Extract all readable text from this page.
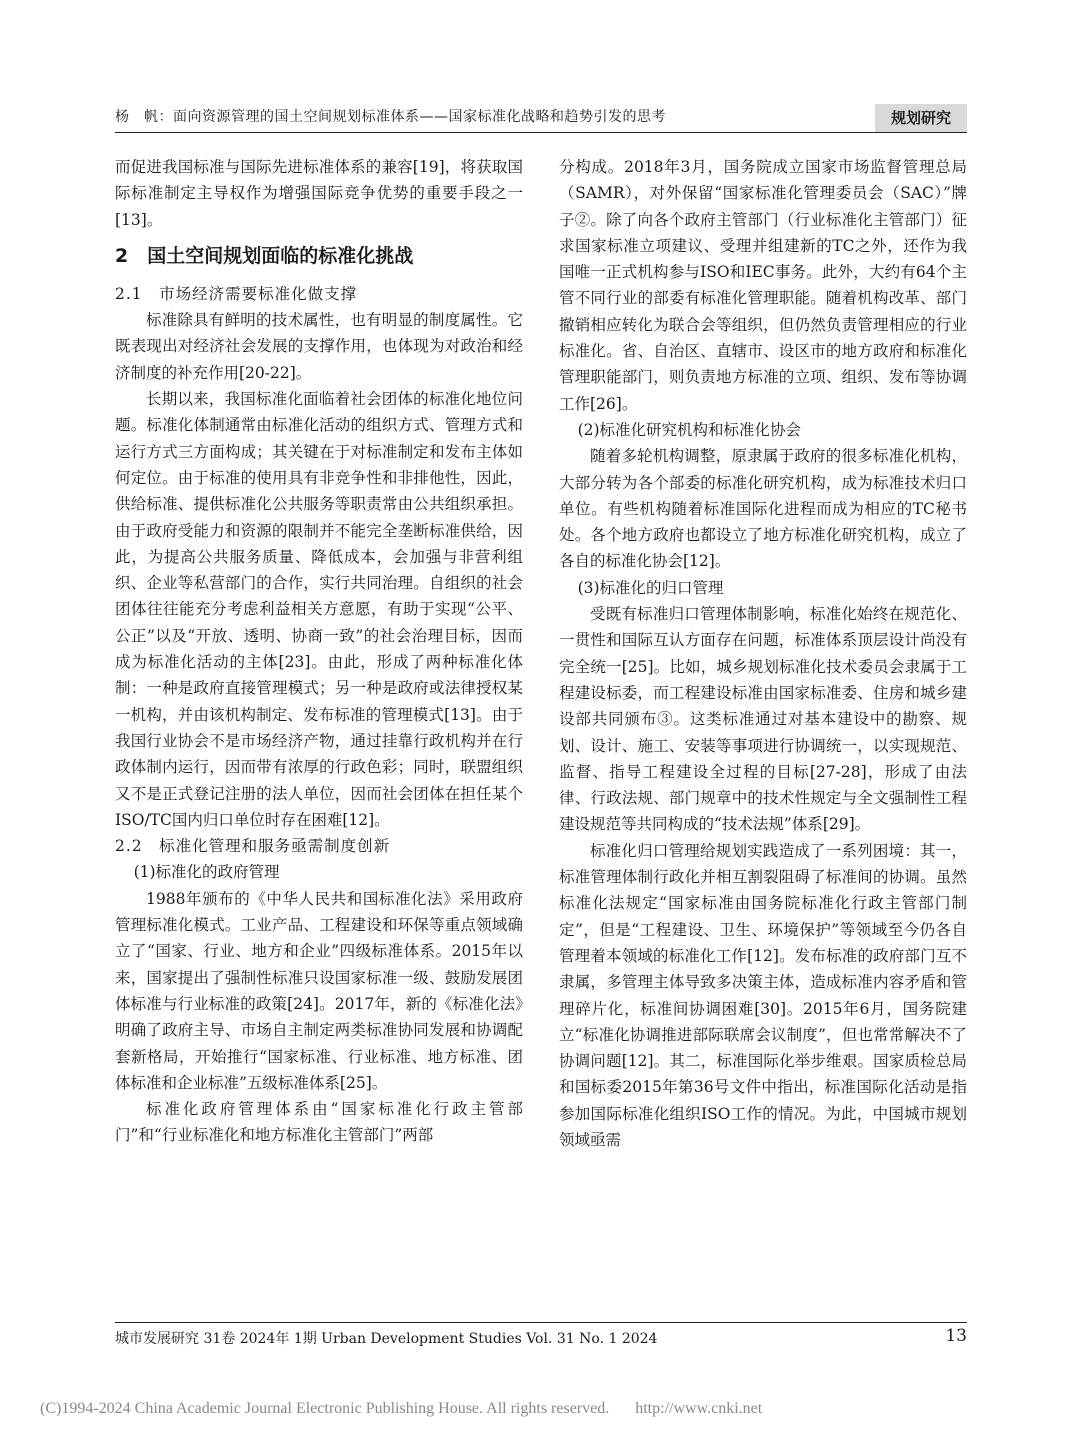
杨　帆：面向资源管理的国土空间规划标准体系——国家标准化战略和趋势引发的思考	规划研究

而促进我国标准与国际先进标准体系的兼容[19]，将获取国际标准制定主导权作为增强国际竞争优势的重要手段之一[13]。

2　国土空间规划面临的标准化挑战
2.1　市场经济需要标准化做支撑

标准除具有鲜明的技术属性，也有明显的制度属性。它既表现出对经济社会发展的支撑作用，也体现为对政治和经济制度的补充作用[20-22]。

长期以来，我国标准化面临着社会团体的标准化地位问题。标准化体制通常由标准化活动的组织方式、管理方式和运行方式三方面构成；其关键在于对标准制定和发布主体如何定位。由于标准的使用具有非竞争性和非排他性，因此，供给标准、提供标准化公共服务等职责常由公共组织承担。由于政府受能力和资源的限制并不能完全垄断标准供给，因此，为提高公共服务质量、降低成本，会加强与非营利组织、企业等私营部门的合作，实行共同治理。自组织的社会团体往往能充分考虑利益相关方意愿，有助于实现“公平、公正”以及“开放、透明、协商一致”的社会治理目标，因而成为标准化活动的主体[23]。由此，形成了两种标准化体制：一种是政府直接管理模式；另一种是政府或法律授权某一机构，并由该机构制定、发布标准的管理模式[13]。由于我国行业协会不是市场经济产物，通过挂靠行政机构并在行政体制内运行，因而带有浓厚的行政色彩；同时，联盟组织又不是正式登记注册的法人单位，因而社会团体在担任某个ISO/TC国内归口单位时存在困难[12]。

2.2　标准化管理和服务亟需制度创新
(1)标准化的政府管理

1988年颁布的《中华人民共和国标准化法》采用政府管理标准化模式。工业产品、工程建设和环保等重点领域确立了“国家、行业、地方和企业”四级标准体系。2015年以来，国家提出了强制性标准只设国家标准一级、鼓励发展团体标准与行业标准的政策[24]。2017年，新的《标准化法》明确了政府主导、市场自主制定两类标准协同发展和协调配套新格局，开始推行“国家标准、行业标准、地方标准、团体标准和企业标准”五级标准体系[25]。

标准化政府管理体系由“国家标准化行政主管部门”和“行业标准化和地方标准化主管部门”两部

分构成。2018年3月，国务院成立国家市场监督管理总局（SAMR），对外保留“国家标准化管理委员会（SAC）”牌子②。除了向各个政府主管部门（行业标准化主管部门）征求国家标准立项建议、受理并组建新的TC之外，还作为我国唯一正式机构参与ISO和IEC事务。此外，大约有64个主管不同行业的部委有标准化管理职能。随着机构改革、部门撤销相应转化为联合会等组织，但仍然负责管理相应的行业标准化。省、自治区、直辖市、设区市的地方政府和标准化管理职能部门，则负责地方标准的立项、组织、发布等协调工作[26]。

(2)标准化研究机构和标准化协会

随着多轮机构调整，原隶属于政府的很多标准化机构，大部分转为各个部委的标准化研究机构，成为标准技术归口单位。有些机构随着标准国际化进程而成为相应的TC秘书处。各个地方政府也都设立了地方标准化研究机构，成立了各自的标准化协会[12]。

(3)标准化的归口管理

受既有标准归口管理体制影响，标准化始终在规范化、一贯性和国际互认方面存在问题，标准体系顶层设计尚没有完全统一[25]。比如，城乡规划标准化技术委员会隶属于工程建设标委，而工程建设标准由国家标准委、住房和城乡建设部共同颁布③。这类标准通过对基本建设中的勘察、规划、设计、施工、安装等事项进行协调统一，以实现规范、监督、指导工程建设全过程的目标[27-28]，形成了由法律、行政法规、部门规章中的技术性规定与全文强制性工程建设规范等共同构成的“技术法规”体系[29]。

标准化归口管理给规划实践造成了一系列困境：其一，标准管理体制行政化并相互割裂阻碍了标准间的协调。虽然标准化法规定“国家标准由国务院标准化行政主管部门制定”，但是“工程建设、卫生、环境保护”等领域至今仍各自管理着本领域的标准化工作[12]。发布标准的政府部门互不隶属，多管理主体导致多决策主体，造成标准内容矛盾和管理碎片化，标准间协调困难[30]。2015年6月，国务院建立“标准化协调推进部际联席会议制度”，但也常常解决不了协调问题[12]。其二，标准国际化举步维艰。国家质检总局和国标委2015年第36号文件中指出，标准国际化活动是指参加国际标准化组织ISO工作的情况。为此，中国城市规划领域亟需

城市发展研究 31卷 2024年 1期 Urban Development Studies Vol. 31 No. 1 2024	13
(C)1994-2024 China Academic Journal Electronic Publishing House. All rights reserved. http://www.cnki.net
